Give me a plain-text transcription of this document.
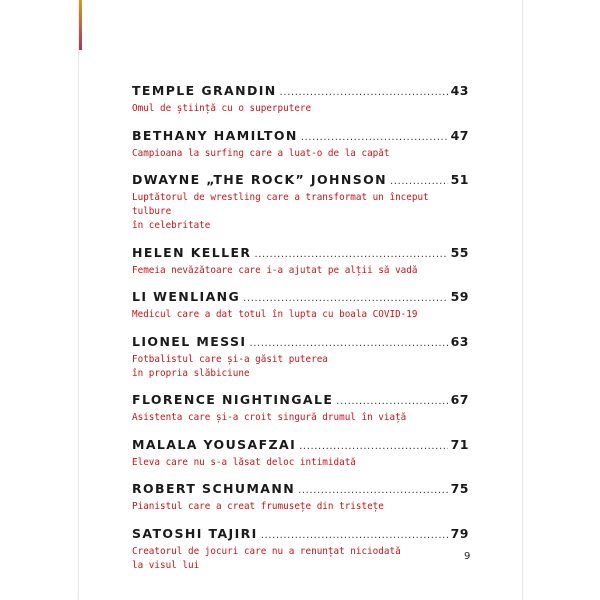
TEMPLE GRANDIN .....	43
Omul de știință cu o superputere
BETHANY HAMILTON .....	47
Campioana la surfing care a luat-o de la capăt
DWAYNE „THE ROCK” JOHNSON .....	51
Luptătorul de wrestling care a transformat un început tulbure
în celebritate
HELEN KELLER .....	55
Femeia nevăzătoare care i-a ajutat pe alții să vadă
LI WENLIANG .....	59
Medicul care a dat totul în lupta cu boala COVID-19
LIONEL MESSI .....	63
Fotbalistul care și-a găsit puterea
în propria slăbiciune
FLORENCE NIGHTINGALE .....	67
Asistenta care și-a croit singură drumul în viață
MALALA YOUSAFZAI .....	71
Eleva care nu s-a lăsat deloc intimidată
ROBERT SCHUMANN .....	75
Pianistul care a creat frumusețe din tristețe
SATOSHI TAJIRI .....	79
Creatorul de jocuri care nu a renunțat niciodată
la visul lui
9
